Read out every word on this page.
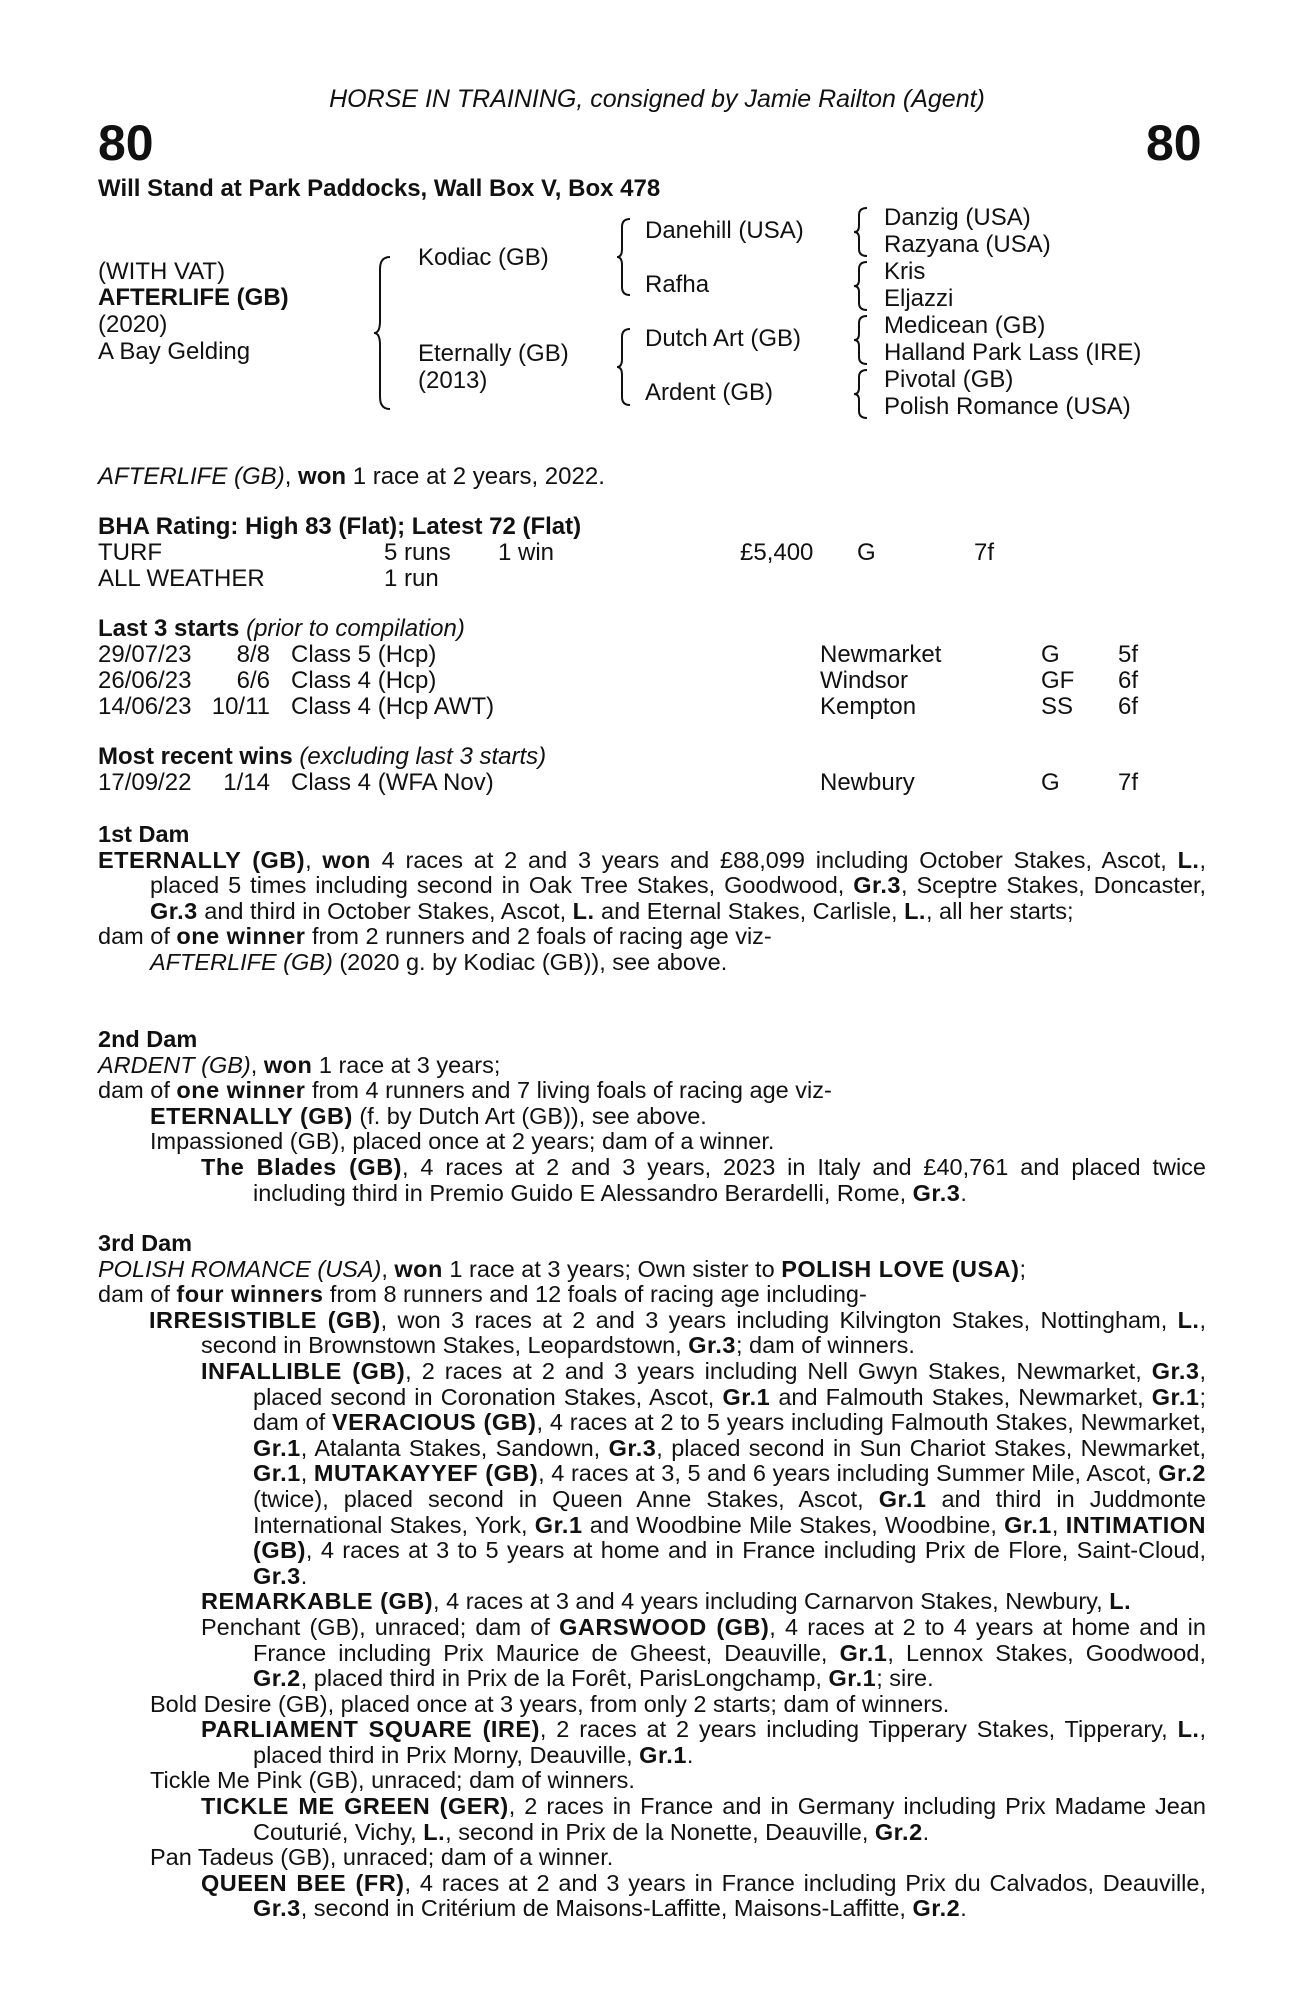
HORSE IN TRAINING, consigned by Jamie Railton (Agent)
80	80
Will Stand at Park Paddocks, Wall Box V, Box 478
(WITH VAT)
AFTERLIFE (GB)
(2020)
A Bay Gelding
Kodiac (GB)
Eternally (GB)
(2013)
Danehill (USA)
Rafha
Dutch Art (GB)
Ardent (GB)
Danzig (USA)
Razyana (USA)
Kris
Eljazzi
Medicean (GB)
Halland Park Lass (IRE)
Pivotal (GB)
Polish Romance (USA)
AFTERLIFE (GB), won 1 race at 2 years, 2022.
BHA Rating: High 83 (Flat); Latest 72 (Flat)
TURF	5 runs 1 win	£5,400 G	7f
ALL WEATHER	1 run
Last 3 starts (prior to compilation)
29/07/23	8/8 Class 5 (Hcp)	Newmarket	G 5f
26/06/23	6/6 Class 4 (Hcp)	Windsor	GF 6f
14/06/23 10/11 Class 4 (Hcp AWT)	Kempton	SS 6f
Most recent wins (excluding last 3 starts)
17/09/22	1/14 Class 4 (WFA Nov)	Newbury	G 7f

1st Dam

ETERNALLY (GB), won 4 races at 2 and 3 years and £88,099 including October Stakes, Ascot, L., placed 5 times including second in Oak Tree Stakes, Goodwood, Gr.3, Sceptre Stakes, Doncaster, Gr.3 and third in October Stakes, Ascot, L. and Eternal Stakes, Carlisle, L., all her starts;

dam of one winner from 2 runners and 2 foals of racing age viz-

AFTERLIFE (GB) (2020 g. by Kodiac (GB)), see above.

2nd Dam

ARDENT (GB), won 1 race at 3 years;

dam of one winner from 4 runners and 7 living foals of racing age viz-

ETERNALLY (GB) (f. by Dutch Art (GB)), see above.

Impassioned (GB), placed once at 2 years; dam of a winner.

The Blades (GB), 4 races at 2 and 3 years, 2023 in Italy and £40,761 and placed twice including third in Premio Guido E Alessandro Berardelli, Rome, Gr.3.

3rd Dam

POLISH ROMANCE (USA), won 1 race at 3 years; Own sister to POLISH LOVE (USA);

dam of four winners from 8 runners and 12 foals of racing age including-

IRRESISTIBLE (GB), won 3 races at 2 and 3 years including Kilvington Stakes, Nottingham, L., second in Brownstown Stakes, Leopardstown, Gr.3; dam of winners.

INFALLIBLE (GB), 2 races at 2 and 3 years including Nell Gwyn Stakes, Newmarket, Gr.3, placed second in Coronation Stakes, Ascot, Gr.1 and Falmouth Stakes, Newmarket, Gr.1; dam of VERACIOUS (GB), 4 races at 2 to 5 years including Falmouth Stakes, Newmarket, Gr.1, Atalanta Stakes, Sandown, Gr.3, placed second in Sun Chariot Stakes, Newmarket, Gr.1, MUTAKAYYEF (GB), 4 races at 3, 5 and 6 years including Summer Mile, Ascot, Gr.2 (twice), placed second in Queen Anne Stakes, Ascot, Gr.1 and third in Juddmonte International Stakes, York, Gr.1 and Woodbine Mile Stakes, Woodbine, Gr.1, INTIMATION (GB), 4 races at 3 to 5 years at home and in France including Prix de Flore, Saint-Cloud, Gr.3.

REMARKABLE (GB), 4 races at 3 and 4 years including Carnarvon Stakes, Newbury, L.

Penchant (GB), unraced; dam of GARSWOOD (GB), 4 races at 2 to 4 years at home and in France including Prix Maurice de Gheest, Deauville, Gr.1, Lennox Stakes, Goodwood, Gr.2, placed third in Prix de la Forêt, ParisLongchamp, Gr.1; sire.

Bold Desire (GB), placed once at 3 years, from only 2 starts; dam of winners.

PARLIAMENT SQUARE (IRE), 2 races at 2 years including Tipperary Stakes, Tipperary, L., placed third in Prix Morny, Deauville, Gr.1.

Tickle Me Pink (GB), unraced; dam of winners.

TICKLE ME GREEN (GER), 2 races in France and in Germany including Prix Madame Jean Couturié, Vichy, L., second in Prix de la Nonette, Deauville, Gr.2.

Pan Tadeus (GB), unraced; dam of a winner.

QUEEN BEE (FR), 4 races at 2 and 3 years in France including Prix du Calvados, Deauville, Gr.3, second in Critérium de Maisons-Laffitte, Maisons-Laffitte, Gr.2.
